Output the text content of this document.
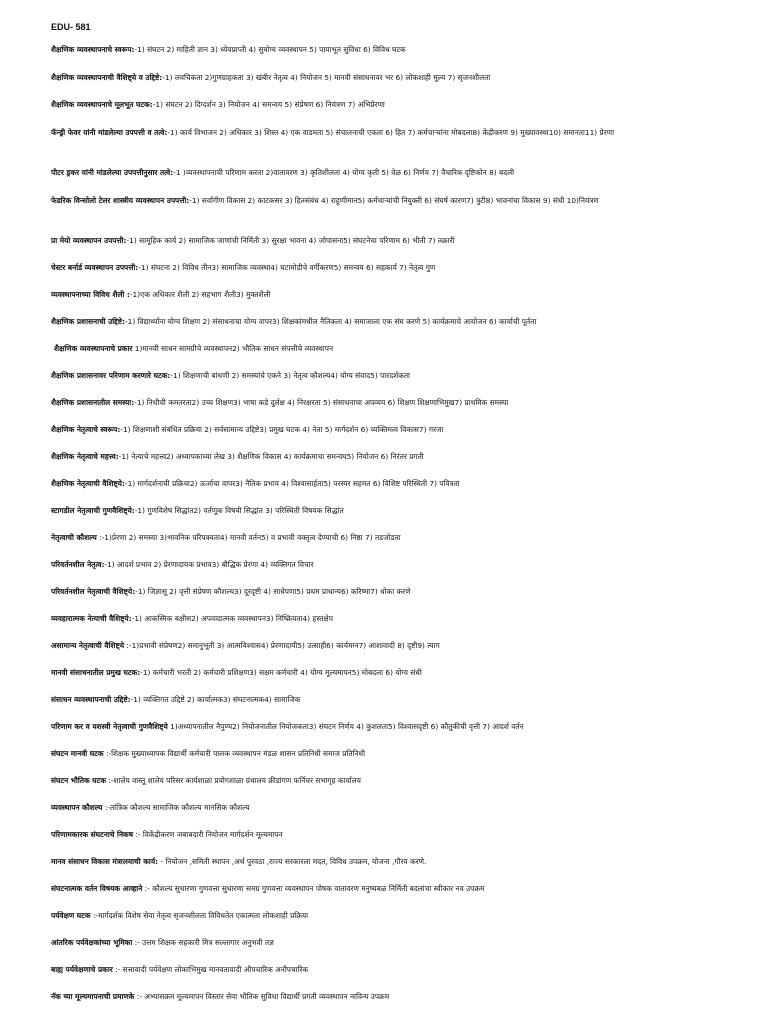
EDU- 581
शैक्षणिक व्यवस्थापनाचे स्वरूप:-1) संघटन 2) माहिती ज्ञान 3) ध्येयप्राप्ती 4) सुयोग्य व्यवस्थापन 5) पायाभूत सुविधा 6) विविध घटक
शैक्षणिक व्यवस्थापनाची वैशिष्ट्ये व उद्दिष्टे:-1) लवचिकता 2)गुणग्राहकता 3) खंबीर नेतृत्व 4) नियोजन 5) मानवी संसाधनावर भर 6) लोकशाही मूल्य 7) सृजनशीलता
शैक्षणिक व्यवस्थापनाचे मूलभूत घटक:-1) संघटन 2) दिग्दर्शन 3) नियोजन 4) समन्वय 5) संप्रेषण 6) नियंत्रण 7) अभिप्रेरणा
फॅन्ड्री फेवर यांनी मांडलेल्या उपपत्ती व तत्वे:-1) कार्य विभाजन 2) अधिकार 3) शिस्त 4) एक वाडमता 5) संचालनाची एकता 6) हित 7) कर्मचाऱ्यांना मोबदला8) केंद्रीकरण 9) मुख्यावस्था10) समानता11) प्रेरणा
पीटर ड्रकर यांनी मांडलेल्या उपपत्तीनुसार तत्वे:-1 )व्यवस्थापनाची परिणाम करता 2)वातावरण 3) कृतिशीलता 4) योग्य कृती 5) वेळ 6) निर्णय 7) वैचारिक दृष्टिकोन 8) बदली
फेडरिक विन्सोलो टेलर शास्त्रीय व्यवस्थापन उपपत्ती:-1) सर्वांगीण विकास 2) काटकसर 3) हितसंबंध 4) राहुणीमान5) कर्मचाऱ्यांची नियुक्ती 6) संघर्ष कारण7) त्रुटी8) भावनांचा विकास 9) संधी 10)नियंत्रण
प्रा मेयो व्यवस्थापन उपपत्ती:-1) सामूहिक कार्य 2) सामाजिक जाणांची निर्मिती 3) सुरक्षा भावना 4) जोपासना5) संघटनेचा परिणाम 6) भीती 7) तक्रारी
चेस्टर बर्नार्ड व्यवस्थापन उपपत्ती:-1) संघटना 2) विविध तीन3) सामाजिक व्यवस्था4) घटामोडीचे वर्गीकरण5) समन्वय 6) सहकार्य 7) नेतृत्व गुण
व्यवस्थापनाच्या विविध शैली :-1)एक अधिकार शैली 2) सहभाग शैली3) मुक्तशैली
शैक्षणिक प्रशासनाची उद्दिष्टे:-1) विद्यार्थ्यांना योग्य शिक्षण 2) संसाधनाचा योग्य वापर3) शिक्षकांमधील नैतिकता 4) समाजाला एक संघ करणे 5) कार्यक्रमाचे आयोजन 6) कार्याची पूर्तता
शैक्षणिक व्यवस्थापनाचे प्रकार 1)मानवी साधन सामग्रीचे व्यवस्थापन2) भौतिक साधन संपत्तीचे व्यवस्थापन
शैक्षणिक प्रशासनावर परिणाम करणारे घटक:-1) शिक्षणाची बांधणी 2) समस्यांचे एकने 3) नेतृत्व कौशल्य4) योग्य संवाद5) पारदर्शकता
शैक्षणिक प्रशासनातील समस्या:-1) निधीची कमतरता2) उच्च शिक्षण3) भाषा कडे दुर्लक्ष 4) निरक्षरता 5) संसाधनाचा अपव्यय 6) शिक्षण शिक्षणाभिमुख7) प्राथमिक समस्या
शैक्षणिक नेतृत्वाचे स्वरूप:-1) शिक्षणाशी संबंधित प्रक्रिया 2) सर्वसामान्य उद्दिष्टे3) प्रमुख घटक 4) नेता 5) मार्गदर्शन 6) व्यक्तिमत्व विकास7) गरजा
शैक्षणिक नेतृत्वाचे महत्त्व:-1) नेत्याचे महत्त्व2) अध्यापकाच्या लेख 3) शैक्षणिक विकास 4) कार्यक्रमाचा समन्वय5) नियोजन 6) निरंतर प्रगती
शैक्षणिक नेतृत्वाची वैशिष्ट्ये:-1) मार्गदर्शनाची प्रक्रिया2) ऊर्जाचा वापर3) नैतिक प्रभाव 4) विश्वासार्हता5) परस्पर सहमत 6) विशिष्ट परिस्थिती 7) पवित्रता
स्टागडील नेतृत्वाची गुणवैशिष्ट्ये:-1) गुणविशेष सिद्धांत2) वर्तणूक विषयी सिद्धांत 3) परिस्थिती विषयक सिद्धांत
नेतृत्वाची कौशल्य :-1)प्रेरणा 2) समस्या 3)भावनिक परिपक्वता4) मानवी वर्तन5) व प्रभावी वक्तृत्व देण्याची 6) निष्ठा 7) तडजोडता
परिवर्तनशील नेतृत्व:-1) आदर्श प्रभाव 2) प्रेरणादायक प्रभाव3) बौद्धिक प्रेरणा 4) व्यक्तिगत विचार
परिवर्तनशील नेतृत्वाची वैशिष्ट्ये:-1) जिज्ञासू 2) वृत्ती संप्रेषण कौशल्य3) दूरदृष्टी 4) साधेपणा5) प्रथम प्राधान्य6) करिष्मा7) धोका करणे
व्यवहारात्मक नेत्याची वैशिष्ट्ये:-1) आकस्मिक बक्षीस2) अपवादात्मक व्यवस्थापन3) निष्क्रियता4) हस्तक्षेप
असामान्य नेतृत्वाची वैशिष्ट्ये :-1)प्रभावी संप्रेषण2) समानुभूती 3) आत्मविश्वास4) प्रेरणादायी5) उत्साही6) कार्यमग्न7) आशावादी 8) दृष्टी9) त्याग
मानवी संसाधनातील प्रमुख घटक:-1) कर्मचारी भरती 2) कर्मचारी प्रशिक्षण3) सक्षम कर्मचारी 4) योग्य मूल्यमापन5) मोबदला 6) योग्य संधी
संसाधन व्यवस्थापनाची उद्दिष्टे:-1) व्यक्तिगत उद्दिष्टे 2) कार्यात्मक3) संघटनात्मक4) सामाजिक
परिणाम कर व यशस्वी नेतृत्वाची गुणवैशिष्ट्ये 1)अध्यापनातील नैपुण्य2) नियोजनातील नियोजकता3) संघटन निर्णय 4) कुशलता5) विश्वासदृष्टी 6) कौतुकीची वृत्ती 7) आदर्श वर्तन
संघटन मानवी घटक :-शिक्षक मुख्याध्यापक विद्यार्थी कर्मचारी पालक व्यवस्थापन मंडळ शासन प्रतिनिधी समाज प्रतिनिधी
संघटन भौतिक घटक :-शालेय वास्तू शालेय परिसर कार्यशाळा प्रयोगशाळा ग्रंथालय क्रीडांगण फर्निचर सभागृह कार्यालय
व्यवस्थापन कौशल्य :-तांत्रिक कौशल्य सामाजिक कौशल्य मानसिक कौशल्य
परिणामकारक संघटनाचे निकष :- विकेंद्रीकरण जबाबदारी नियोजन मार्गदर्शन मूल्यमापन
मानव संसाधन विकास मंत्रालयाची कार्य: - नियोजन ,समिती स्थापन ,अर्थ पुरवठा ,राज्य सरकारला मदत, विविध उपक्रम, योजना ,गौरव करणे.
संघटनात्मक वर्तन विषयक आव्हाने :- कौशल्य सुधारणा गुणवत्ता सुधारणा समग्र गुणवत्ता व्यवस्थापन पोषक वातावरण मनुष्यबळ निर्मिती बदलांचा स्वीकार नव उपक्रम
पर्यवेक्षण घटक :-मार्गदर्शक विशेष सेवा नेतृत्व सृजनशीलता विविधतेत एकात्मता लोकशाही प्रक्रिया
आंतरिक पर्यवेक्षकांच्या भूमिका :- उत्तम शिक्षक सहकारी मित्र सल्लागार अनुभवी तज्ञ
बाह्य पर्यवेक्षणाचे प्रकार :- सत्तावादी पर्यवेक्षण लोकाभिमुख मानवतावादी औपचारिक अनौपचारिक
नॅक च्या मूल्यमापनाची प्रमाणके :- अभ्यासक्रम मूल्यमापन विस्तार सेवा भौतिक सुविधा विद्यार्थी प्रगती व्यवस्थापन नाविन्य उपक्रम
